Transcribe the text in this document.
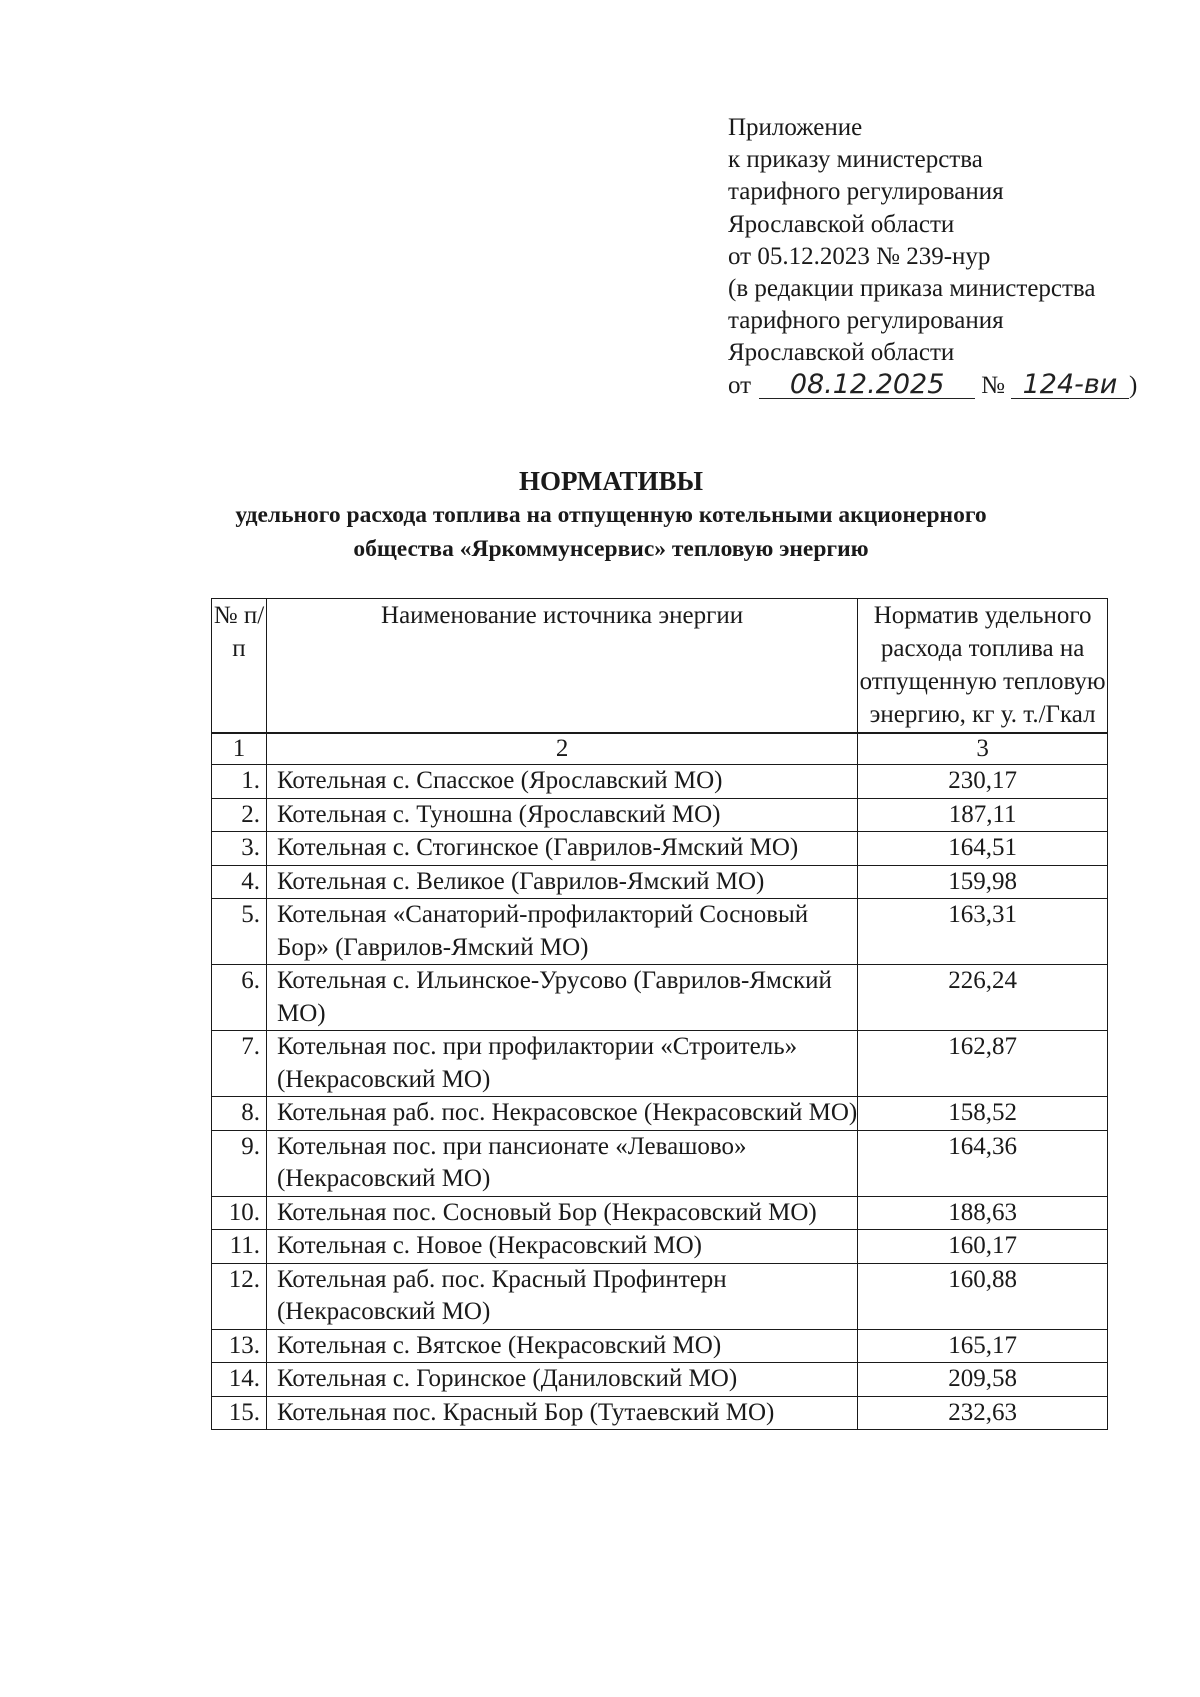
Приложение
к приказу министерства
тарифного регулирования
Ярославской области
от 05.12.2023 № 239-нур
(в редакции приказа министерства
тарифного регулирования
Ярославской области
от	08.12.2025	№ 124-ви )
НОРМАТИВЫ
удельного расхода топлива на отпущенную котельными акционерного
общества «Яркоммунсервис» тепловую энергию
№ п/п	Наименование источника энергии	Норматив удельного расхода топлива на отпущенную тепловую энергию, кг у. т./Гкал
1	2	3
1.	Котельная с. Спасское (Ярославский МО)	230,17
2.	Котельная с. Туношна (Ярославский МО)	187,11
3.	Котельная с. Стогинское (Гаврилов-Ямский МО)	164,51
4.	Котельная с. Великое (Гаврилов-Ямский МО)	159,98
5.	Котельная «Санаторий-профилакторий Сосновый Бор» (Гаврилов-Ямский МО)	163,31
6.	Котельная с. Ильинское-Урусово (Гаврилов-Ямский МО)	226,24
7.	Котельная пос. при профилактории «Строитель» (Некрасовский МО)	162,87
8.	Котельная раб. пос. Некрасовское (Некрасовский МО)	158,52
9.	Котельная пос. при пансионате «Левашово» (Некрасовский МО)	164,36
10.	Котельная пос. Сосновый Бор (Некрасовский МО)	188,63
11.	Котельная с. Новое (Некрасовский МО)	160,17
12.	Котельная раб. пос. Красный Профинтерн (Некрасовский МО)	160,88
13.	Котельная с. Вятское (Некрасовский МО)	165,17
14.	Котельная с. Горинское (Даниловский МО)	209,58
15.	Котельная пос. Красный Бор (Тутаевский МО)	232,63
